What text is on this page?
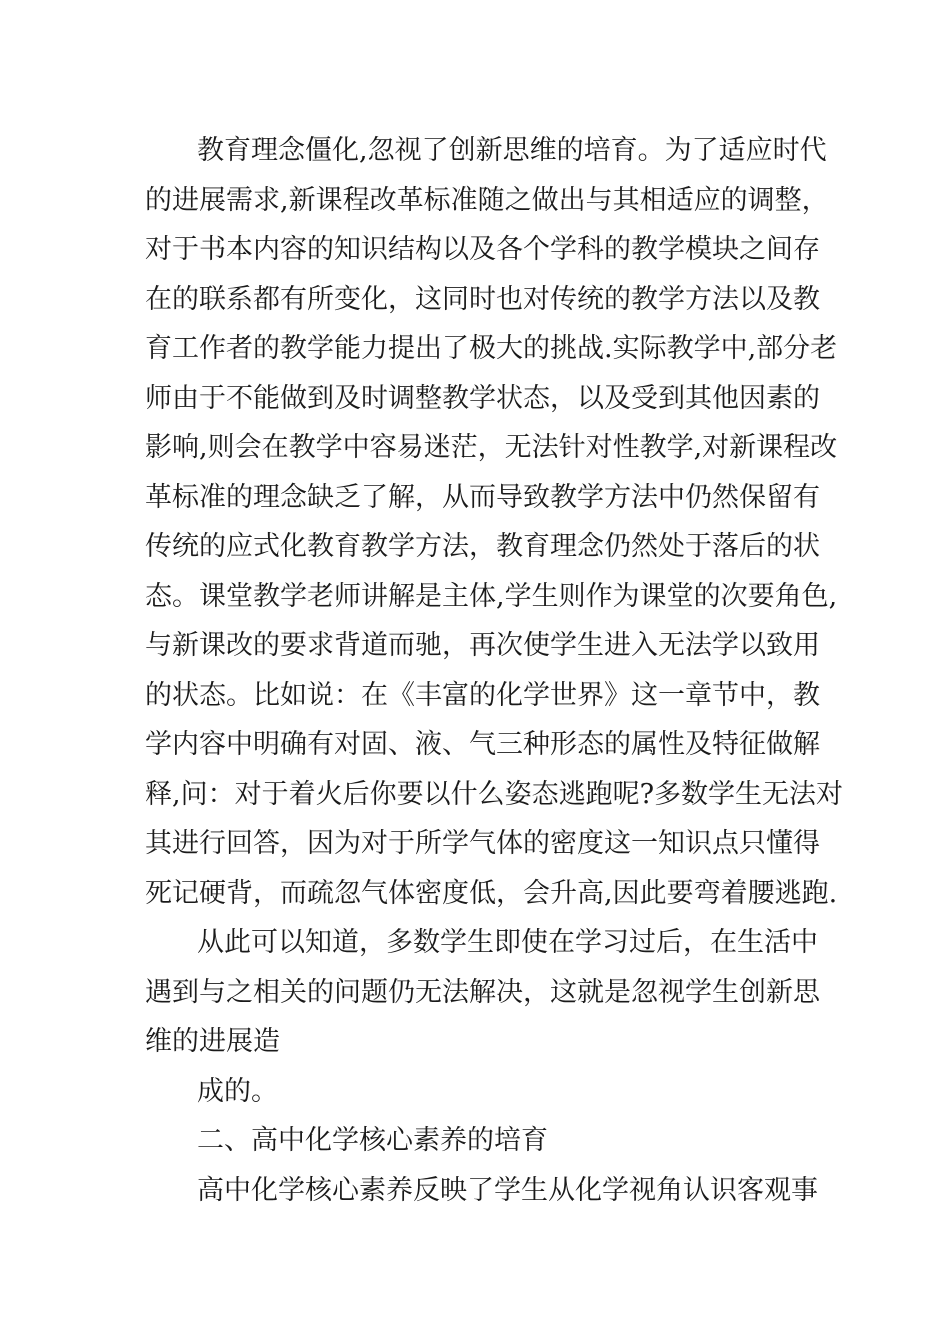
教育理念僵化,忽视了创新思维的培育。为了适应时代
的进展需求,新课程改革标准随之做出与其相适应的调整，
对于书本内容的知识结构以及各个学科的教学模块之间存
在的联系都有所变化，这同时也对传统的教学方法以及教
育工作者的教学能力提出了极大的挑战.实际教学中,部分老
师由于不能做到及时调整教学状态，以及受到其他因素的
影响,则会在教学中容易迷茫，无法针对性教学,对新课程改
革标准的理念缺乏了解，从而导致教学方法中仍然保留有
传统的应式化教育教学方法，教育理念仍然处于落后的状
态。课堂教学老师讲解是主体,学生则作为课堂的次要角色,
与新课改的要求背道而驰，再次使学生进入无法学以致用
的状态。比如说：在《丰富的化学世界》这一章节中，教
学内容中明确有对固、液、气三种形态的属性及特征做解
释,问：对于着火后你要以什么姿态逃跑呢?多数学生无法对
其进行回答，因为对于所学气体的密度这一知识点只懂得
死记硬背，而疏忽气体密度低，会升高,因此要弯着腰逃跑.
从此可以知道，多数学生即使在学习过后，在生活中
遇到与之相关的问题仍无法解决，这就是忽视学生创新思
维的进展造
成的。
二、高中化学核心素养的培育
高中化学核心素养反映了学生从化学视角认识客观事
